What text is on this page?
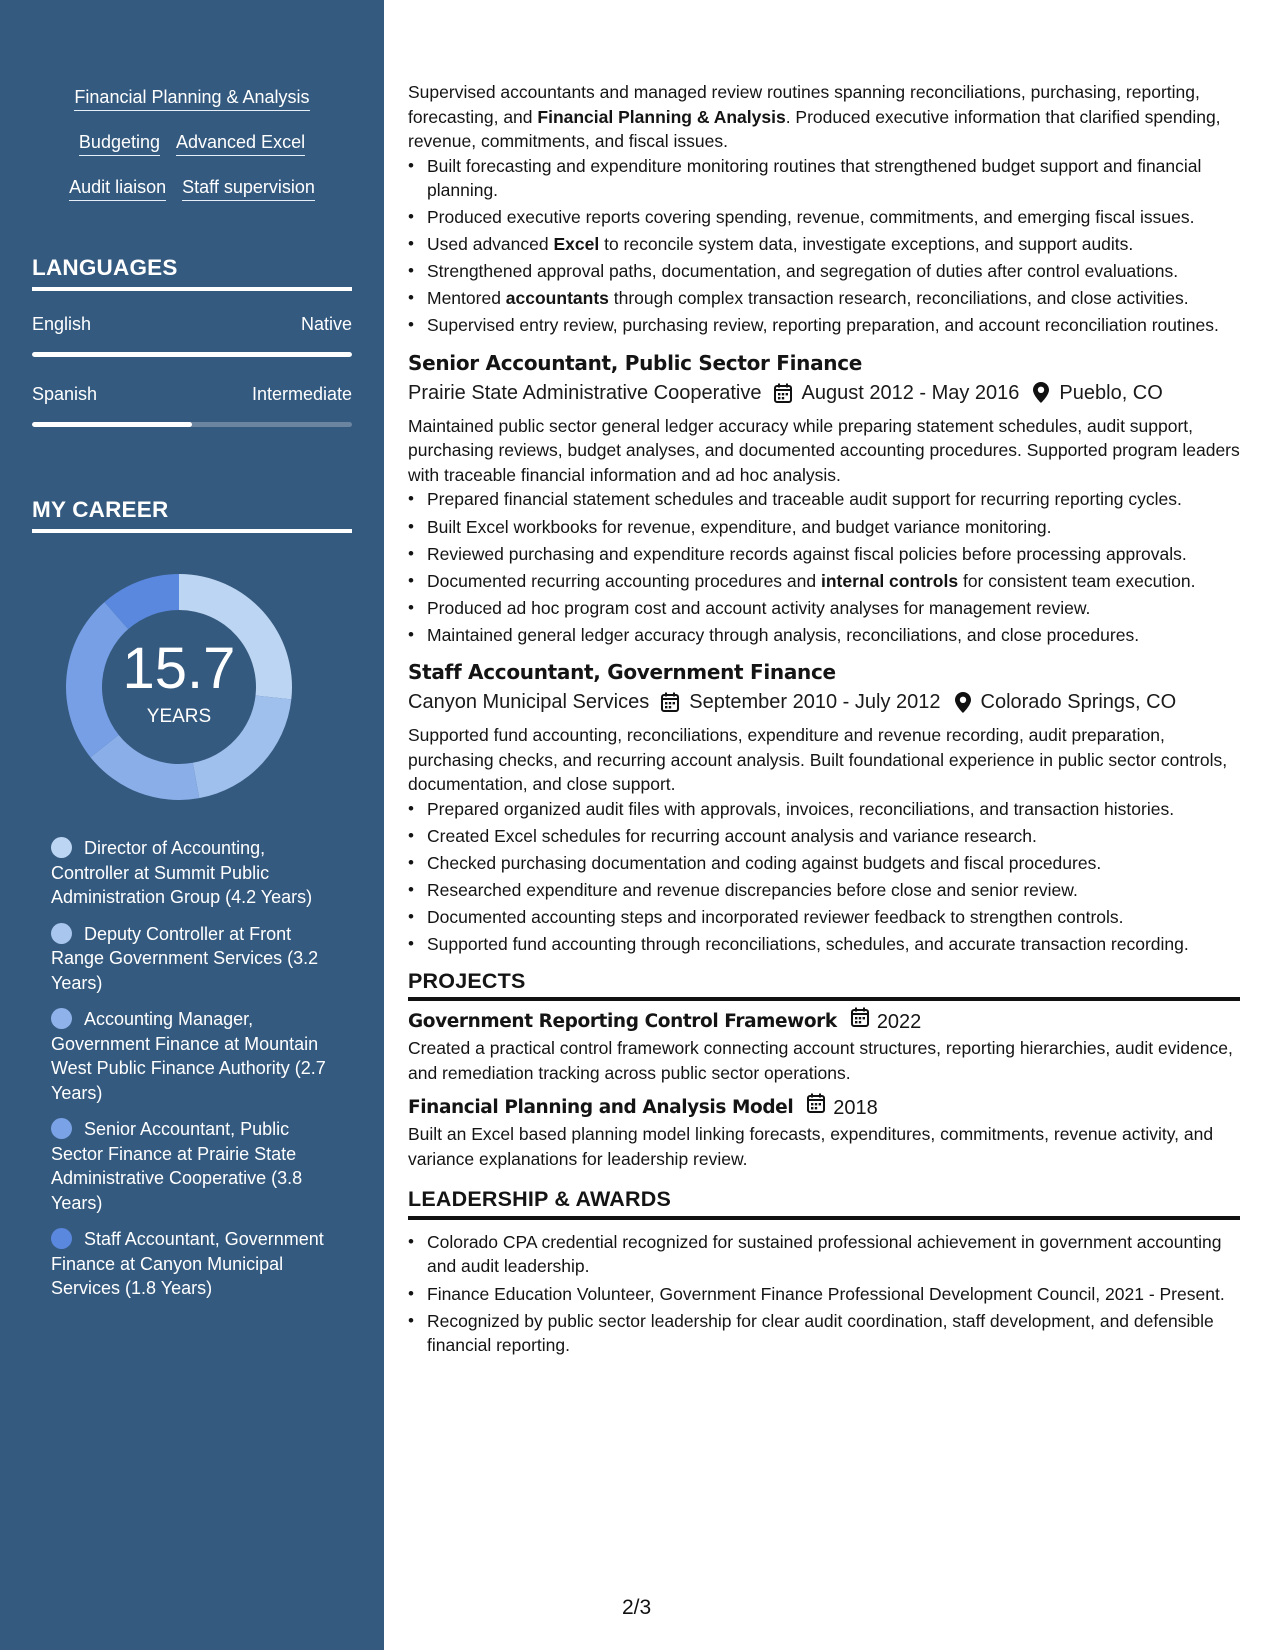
Financial Planning & Analysis
Budgeting Advanced Excel
Audit liaison Staff supervision
LANGUAGES
English	Native
Spanish	Intermediate
MY CAREER
15.7
YEARS
Director of Accounting, Controller at Summit Public Administration Group (4.2 Years)
Deputy Controller at Front Range Government Services (3.2 Years)
Accounting Manager, Government Finance at Mountain West Public Finance Authority (2.7 Years)
Senior Accountant, Public Sector Finance at Prairie State Administrative Cooperative (3.8 Years)
Staff Accountant, Government Finance at Canyon Municipal Services (1.8 Years)

Supervised accountants and managed review routines spanning reconciliations, purchasing, reporting, forecasting, and Financial Planning & Analysis. Produced executive information that clarified spending, revenue, commitments, and fiscal issues.

• Built forecasting and expenditure monitoring routines that strengthened budget support and financial planning.
• Produced executive reports covering spending, revenue, commitments, and emerging fiscal issues.
• Used advanced Excel to reconcile system data, investigate exceptions, and support audits.
• Strengthened approval paths, documentation, and segregation of duties after control evaluations.
• Mentored accountants through complex transaction research, reconciliations, and close activities.
• Supervised entry review, purchasing review, reporting preparation, and account reconciliation routines.
Senior Accountant, Public Sector Finance
Prairie State Administrative Cooperative August 2012 - May 2016 Pueblo, CO

Maintained public sector general ledger accuracy while preparing statement schedules, audit support, purchasing reviews, budget analyses, and documented accounting procedures. Supported program leaders with traceable financial information and ad hoc analysis.

• Prepared financial statement schedules and traceable audit support for recurring reporting cycles.
• Built Excel workbooks for revenue, expenditure, and budget variance monitoring.
• Reviewed purchasing and expenditure records against fiscal policies before processing approvals.
• Documented recurring accounting procedures and internal controls for consistent team execution.
• Produced ad hoc program cost and account activity analyses for management review.
• Maintained general ledger accuracy through analysis, reconciliations, and close procedures.
Staff Accountant, Government Finance
Canyon Municipal Services September 2010 - July 2012 Colorado Springs, CO

Supported fund accounting, reconciliations, expenditure and revenue recording, audit preparation, purchasing checks, and recurring account analysis. Built foundational experience in public sector controls, documentation, and close support.

• Prepared organized audit files with approvals, invoices, reconciliations, and transaction histories.
• Created Excel schedules for recurring account analysis and variance research.
• Checked purchasing documentation and coding against budgets and fiscal procedures.
• Researched expenditure and revenue discrepancies before close and senior review.
• Documented accounting steps and incorporated reviewer feedback to strengthen controls.
• Supported fund accounting through reconciliations, schedules, and accurate transaction recording.
PROJECTS
Government Reporting Control Framework 2022

Created a practical control framework connecting account structures, reporting hierarchies, audit evidence, and remediation tracking across public sector operations.

Financial Planning and Analysis Model 2018

Built an Excel based planning model linking forecasts, expenditures, commitments, revenue activity, and variance explanations for leadership review.

LEADERSHIP & AWARDS
• Colorado CPA credential recognized for sustained professional achievement in government accounting and audit leadership.
• Finance Education Volunteer, Government Finance Professional Development Council, 2021 - Present.
• Recognized by public sector leadership for clear audit coordination, staff development, and defensible financial reporting.
2/3
